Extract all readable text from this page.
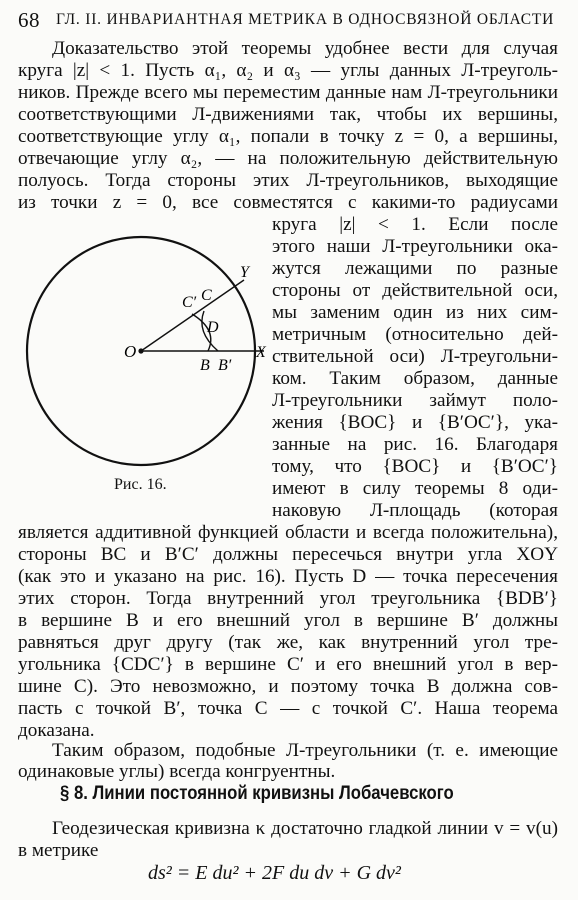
68 ГЛ. II. ИНВАРИАНТНАЯ МЕТРИКА В ОДНОСВЯЗНОЙ ОБЛАСТИ
Доказательство этой теоремы удобнее вести для случая
круга |z| < 1. Пусть α₁, α₂ и α₃ — углы данных Л-треуголь-
ников. Прежде всего мы переместим данные нам Л-треугольники
соответствующими Л-движениями так, чтобы их вершины,
соответствующие углу α₁, попали в точку z = 0, а вершины,
отвечающие углу α₂, — на положительную действительную
полуось. Тогда стороны этих Л-треугольников, выходящие
из точки z = 0, все совместятся с какими-то радиусами
O	X
Y
B B′
C
C′
D
Рис. 16.
круга |z| < 1. Если после
этого наши Л-треугольники ока-
жутся лежащими по разные
стороны от действительной оси,
мы заменим один из них сим-
метричным (относительно дей-
ствительной оси) Л-треугольни-
ком. Таким образом, данные
Л-треугольники займут поло-
жения {BOC} и {B′OC′}, ука-
занные на рис. 16. Благодаря
тому, что {BOC} и {B′OC′}
имеют в силу теоремы 8 оди-
наковую Л-площадь (которая
является аддитивной функцией области и всегда положительна),
стороны BC и B′C′ должны пересечься внутри угла XOY
(как это и указано на рис. 16). Пусть D — точка пересечения
этих сторон. Тогда внутренний угол треугольника {BDB′}
в вершине B и его внешний угол в вершине B′ должны
равняться друг другу (так же, как внутренний угол тре-
угольника {CDC′} в вершине C′ и его внешний угол в вер-
шине C). Это невозможно, и поэтому точка B должна сов-
пасть с точкой B′, точка C — с точкой C′. Наша теорема
доказана.
Таким образом, подобные Л-треугольники (т. е. имеющие
одинаковые углы) всегда конгруентны.
§ 8. Линии постоянной кривизны Лобачевского
Геодезическая кривизна κ достаточно гладкой линии v = v(u)
в метрике
ds² = E du² + 2F du dv + G dv²
